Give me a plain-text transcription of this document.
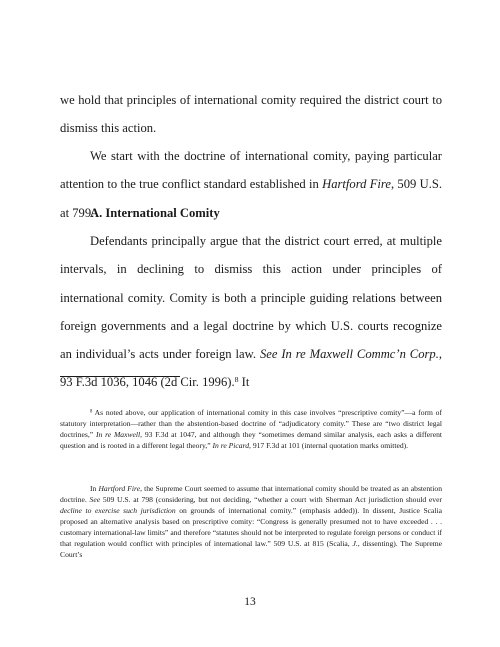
we hold that principles of international comity required the district court to dismiss this action.

We start with the doctrine of international comity, paying particular attention to the true conflict standard established in Hartford Fire, 509 U.S. at 799.

A. International Comity

Defendants principally argue that the district court erred, at multiple intervals, in declining to dismiss this action under principles of international comity. Comity is both a principle guiding relations between foreign governments and a legal doctrine by which U.S. courts recognize an individual’s acts under foreign law. See In re Maxwell Commc’n Corp., 93 F.3d 1036, 1046 (2d Cir. 1996).$^8$ It

$^8$ As noted above, our application of international comity in this case involves “prescriptive comity”—a form of statutory interpretation—rather than the abstention-based doctrine of “adjudicatory comity.” These are “two district legal doctrines,” In re Maxwell, 93 F.3d at 1047, and although they “sometimes demand similar analysis, each asks a different question and is rooted in a different legal theory,” In re Picard, 917 F.3d at 101 (internal quotation marks omitted).

In Hartford Fire, the Supreme Court seemed to assume that international comity should be treated as an abstention doctrine. See 509 U.S. at 798 (considering, but not deciding, “whether a court with Sherman Act jurisdiction should ever decline to exercise such jurisdiction on grounds of international comity.” (emphasis added)). In dissent, Justice Scalia proposed an alternative analysis based on prescriptive comity: “Congress is generally presumed not to have exceeded . . . customary international-law limits” and therefore “statutes should not be interpreted to regulate foreign persons or conduct if that regulation would conflict with principles of international law.” 509 U.S. at 815 (Scalia, J., dissenting). The Supreme Court’s

13
